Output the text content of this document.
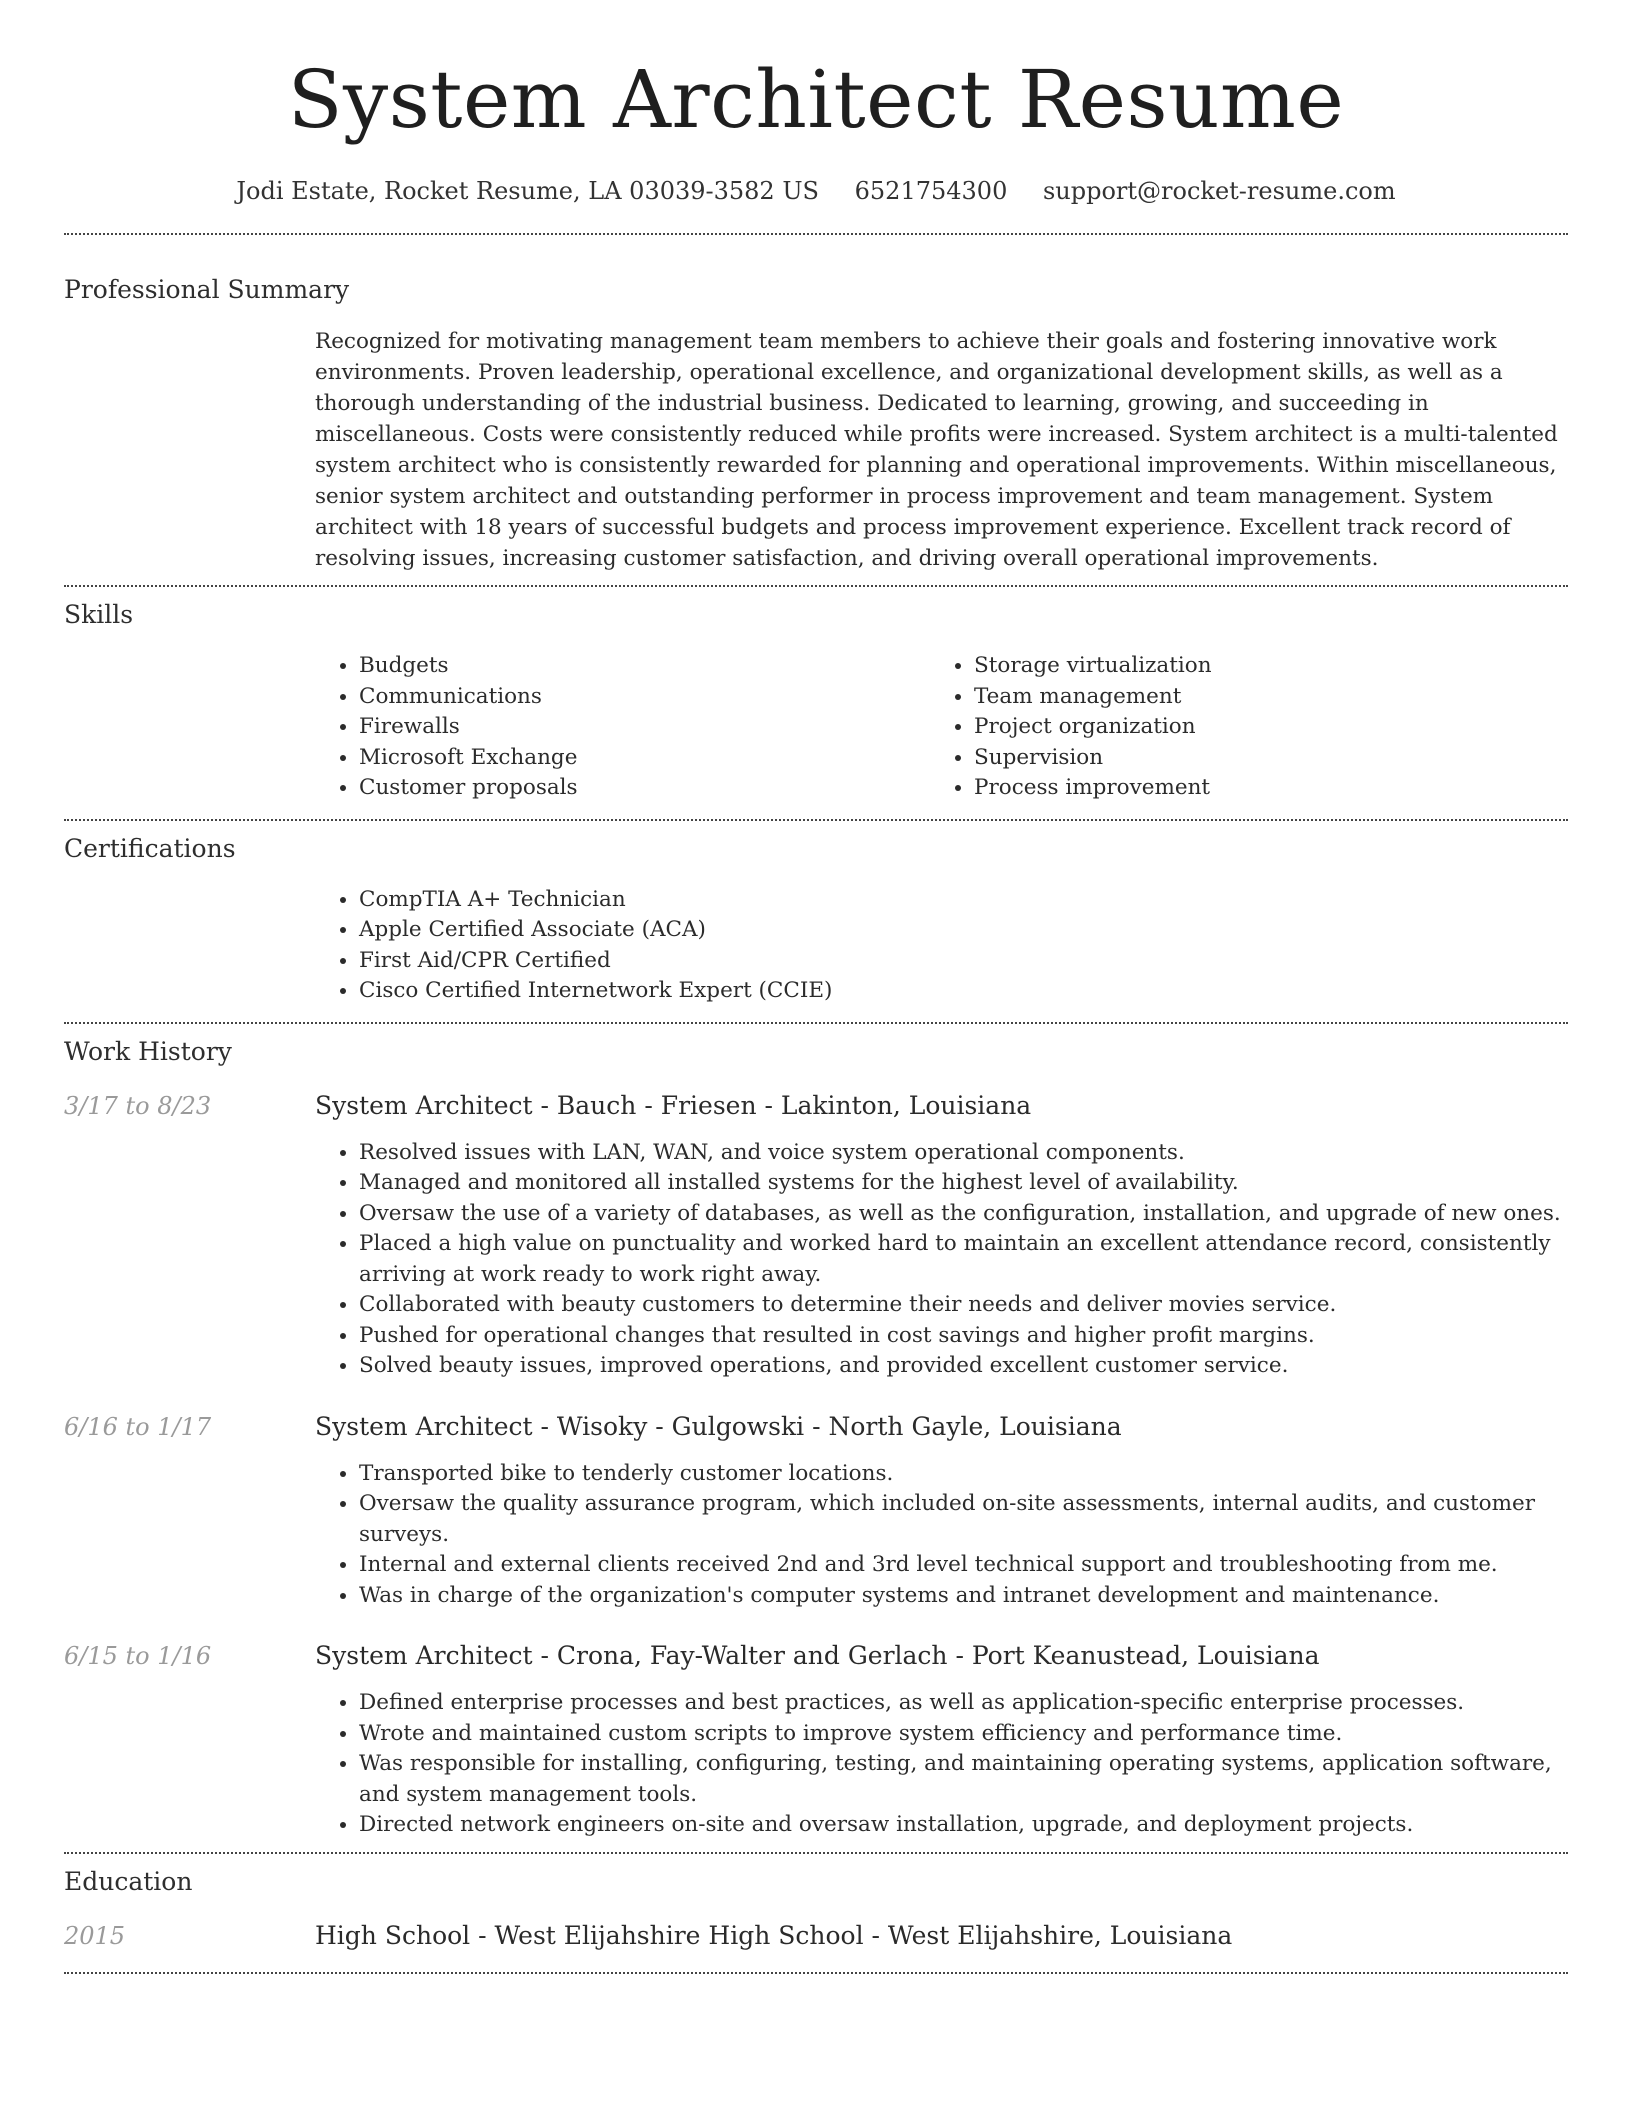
System Architect Resume
Jodi Estate, Rocket Resume, LA 03039-3582 US 6521754300 support@rocket-resume.com
Professional Summary

Recognized for motivating management team members to achieve their goals and fostering innovative work environments. Proven leadership, operational excellence, and organizational development skills, as well as a thorough understanding of the industrial business. Dedicated to learning, growing, and succeeding in miscellaneous. Costs were consistently reduced while profits were increased. System architect is a multi-talented system architect who is consistently rewarded for planning and operational improvements. Within miscellaneous, senior system architect and outstanding performer in process improvement and team management. System architect with 18 years of successful budgets and process improvement experience. Excellent track record of resolving issues, increasing customer satisfaction, and driving overall operational improvements.

Skills
• Budgets
• Communications
• Firewalls
• Microsoft Exchange
• Customer proposals
• Storage virtualization
• Team management
• Project organization
• Supervision
• Process improvement
Certifications
• CompTIA A+ Technician
• Apple Certified Associate (ACA)
• First Aid/CPR Certified
• Cisco Certified Internetwork Expert (CCIE)
Work History
3/17 to 8/23	System Architect - Bauch - Friesen - Lakinton, Louisiana
• Resolved issues with LAN, WAN, and voice system operational components.
• Managed and monitored all installed systems for the highest level of availability.
• Oversaw the use of a variety of databases, as well as the configuration, installation, and upgrade of new ones.
• Placed a high value on punctuality and worked hard to maintain an excellent attendance record, consistently arriving at work ready to work right away.
• Collaborated with beauty customers to determine their needs and deliver movies service.
• Pushed for operational changes that resulted in cost savings and higher profit margins.
• Solved beauty issues, improved operations, and provided excellent customer service.
6/16 to 1/17	System Architect - Wisoky - Gulgowski - North Gayle, Louisiana
• Transported bike to tenderly customer locations.
• Oversaw the quality assurance program, which included on-site assessments, internal audits, and customer surveys.
• Internal and external clients received 2nd and 3rd level technical support and troubleshooting from me.
• Was in charge of the organization's computer systems and intranet development and maintenance.
6/15 to 1/16	System Architect - Crona, Fay-Walter and Gerlach - Port Keanustead, Louisiana
• Defined enterprise processes and best practices, as well as application-specific enterprise processes.
• Wrote and maintained custom scripts to improve system efficiency and performance time.
• Was responsible for installing, configuring, testing, and maintaining operating systems, application software, and system management tools.
• Directed network engineers on-site and oversaw installation, upgrade, and deployment projects.
Education
2015	High School - West Elijahshire High School - West Elijahshire, Louisiana
